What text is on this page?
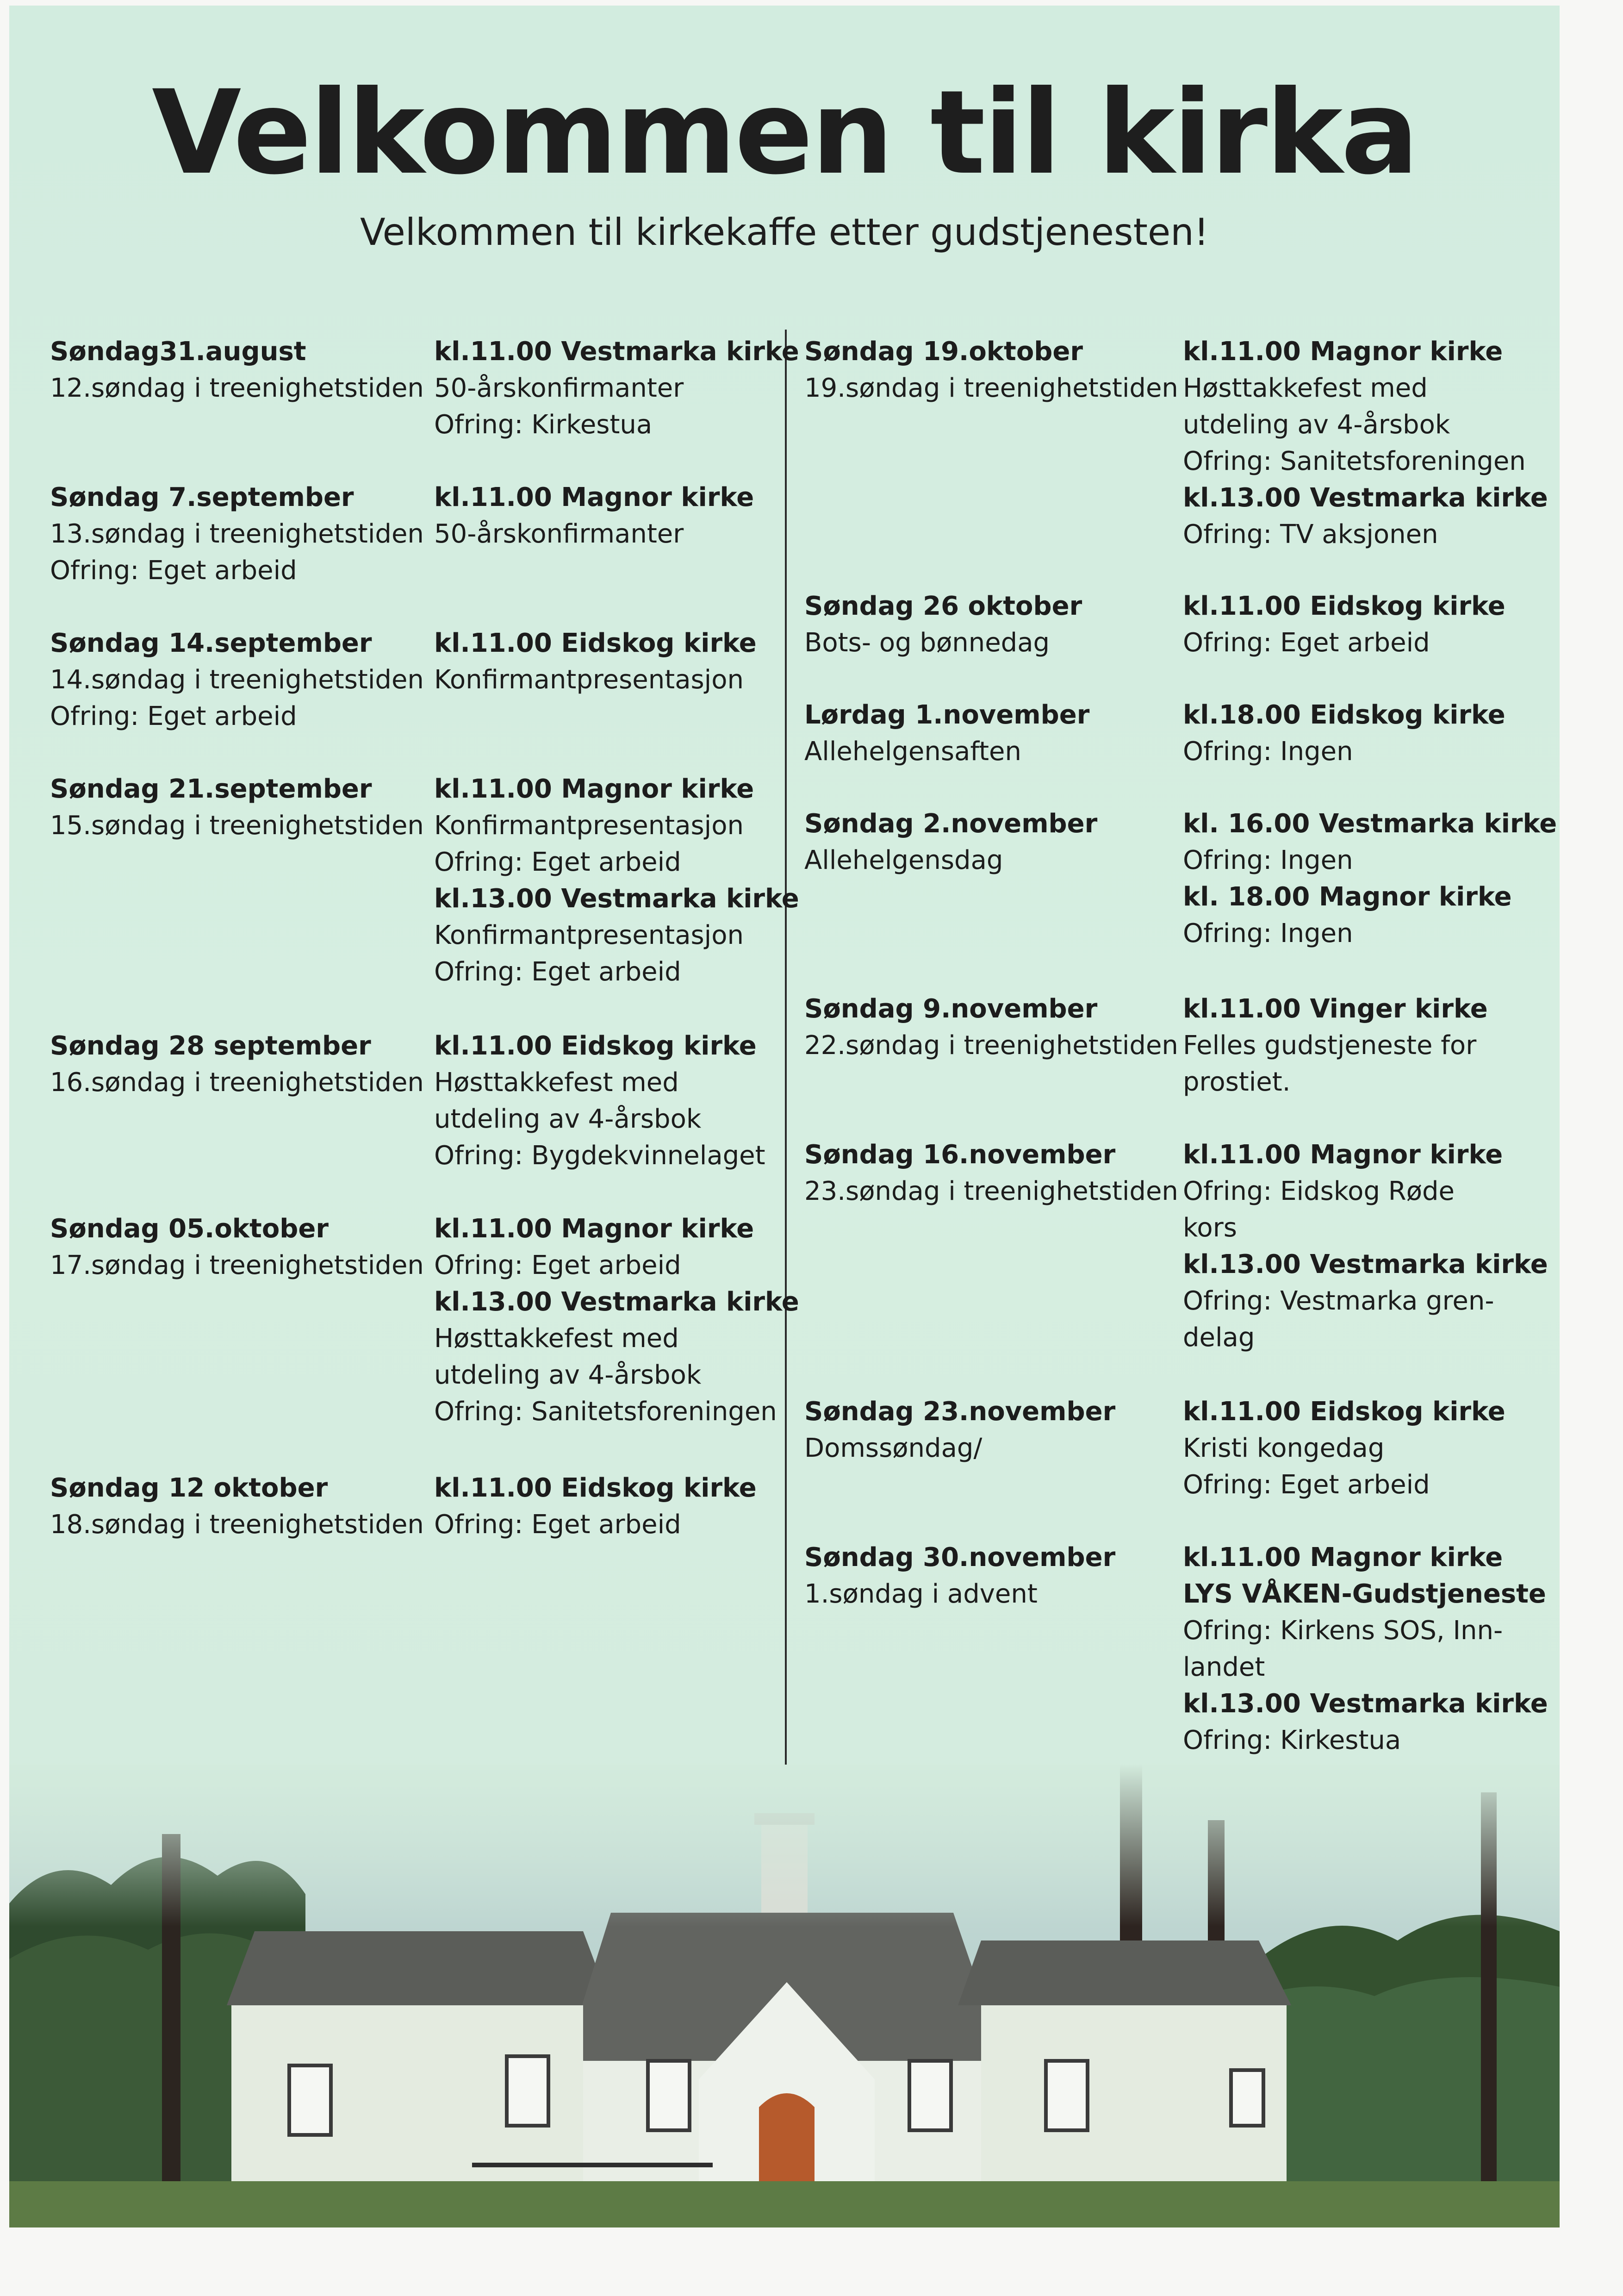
Velkommen til kirka
Velkommen til kirkekaffe etter gudstjenesten!
Søndag31.august
12.søndag i treenighetstiden
kl.11.00 Vestmarka kirke
50-årskonfirmanter
Ofring: Kirkestua
Søndag 7.september
13.søndag i treenighetstiden
Ofring: Eget arbeid
kl.11.00 Magnor kirke
50-årskonfirmanter
Søndag 14.september
14.søndag i treenighetstiden
Ofring: Eget arbeid
kl.11.00 Eidskog kirke
Konfirmantpresentasjon
Søndag 21.september
15.søndag i treenighetstiden
kl.11.00 Magnor kirke
Konfirmantpresentasjon
Ofring: Eget arbeid
kl.13.00 Vestmarka kirke
Konfirmantpresentasjon
Ofring: Eget arbeid
Søndag 28 september
16.søndag i treenighetstiden
kl.11.00 Eidskog kirke
Høsttakkefest med
utdeling av 4-årsbok
Ofring: Bygdekvinnelaget
Søndag 05.oktober
17.søndag i treenighetstiden
kl.11.00 Magnor kirke
Ofring: Eget arbeid
kl.13.00 Vestmarka kirke
Høsttakkefest med
utdeling av 4-årsbok
Ofring: Sanitetsforeningen
Søndag 12 oktober
18.søndag i treenighetstiden
kl.11.00 Eidskog kirke
Ofring: Eget arbeid
Søndag 19.oktober
19.søndag i treenighetstiden
kl.11.00 Magnor kirke
Høsttakkefest med
utdeling av 4-årsbok
Ofring: Sanitetsforeningen
kl.13.00 Vestmarka kirke
Ofring: TV aksjonen
Søndag 26 oktober
Bots- og bønnedag
kl.11.00 Eidskog kirke
Ofring: Eget arbeid
Lørdag 1.november
Allehelgensaften
kl.18.00 Eidskog kirke
Ofring: Ingen
Søndag 2.november
Allehelgensdag
kl. 16.00 Vestmarka kirke
Ofring: Ingen
kl. 18.00 Magnor kirke
Ofring: Ingen
Søndag 9.november
22.søndag i treenighetstiden
kl.11.00 Vinger kirke
Felles gudstjeneste for
prostiet.
Søndag 16.november
23.søndag i treenighetstiden
kl.11.00 Magnor kirke
Ofring: Eidskog Røde
kors
kl.13.00 Vestmarka kirke
Ofring: Vestmarka gren-
delag
Søndag 23.november
Domssøndag/
kl.11.00 Eidskog kirke
Kristi kongedag
Ofring: Eget arbeid
Søndag 30.november
1.søndag i advent
kl.11.00 Magnor kirke
LYS VÅKEN-Gudstjeneste
Ofring: Kirkens SOS, Inn-
landet
kl.13.00 Vestmarka kirke
Ofring: Kirkestua
